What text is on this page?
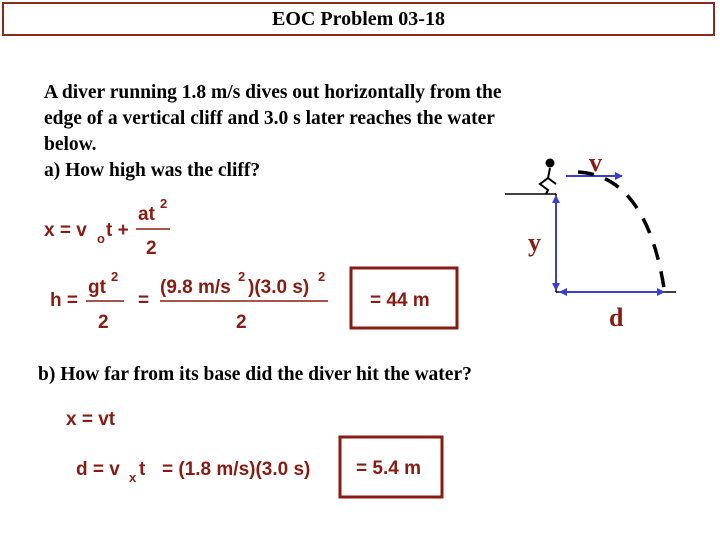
EOC Problem 03-18

A diver running 1.8 m/s dives out horizontally from the

edge of a vertical cliff and 3.0 s later reaches the water

below.

a) How high was the cliff?

x = v o t +
at
2
2
h =
gt
2
2
=
(9.8 m/s
2
)(3.0 s)
2
2
= 44 m
x = vt
d = v x t = (1.8 m/s)(3.0 s) = 5.4 m
b) How far from its base did the diver hit the water?
v
y
d
